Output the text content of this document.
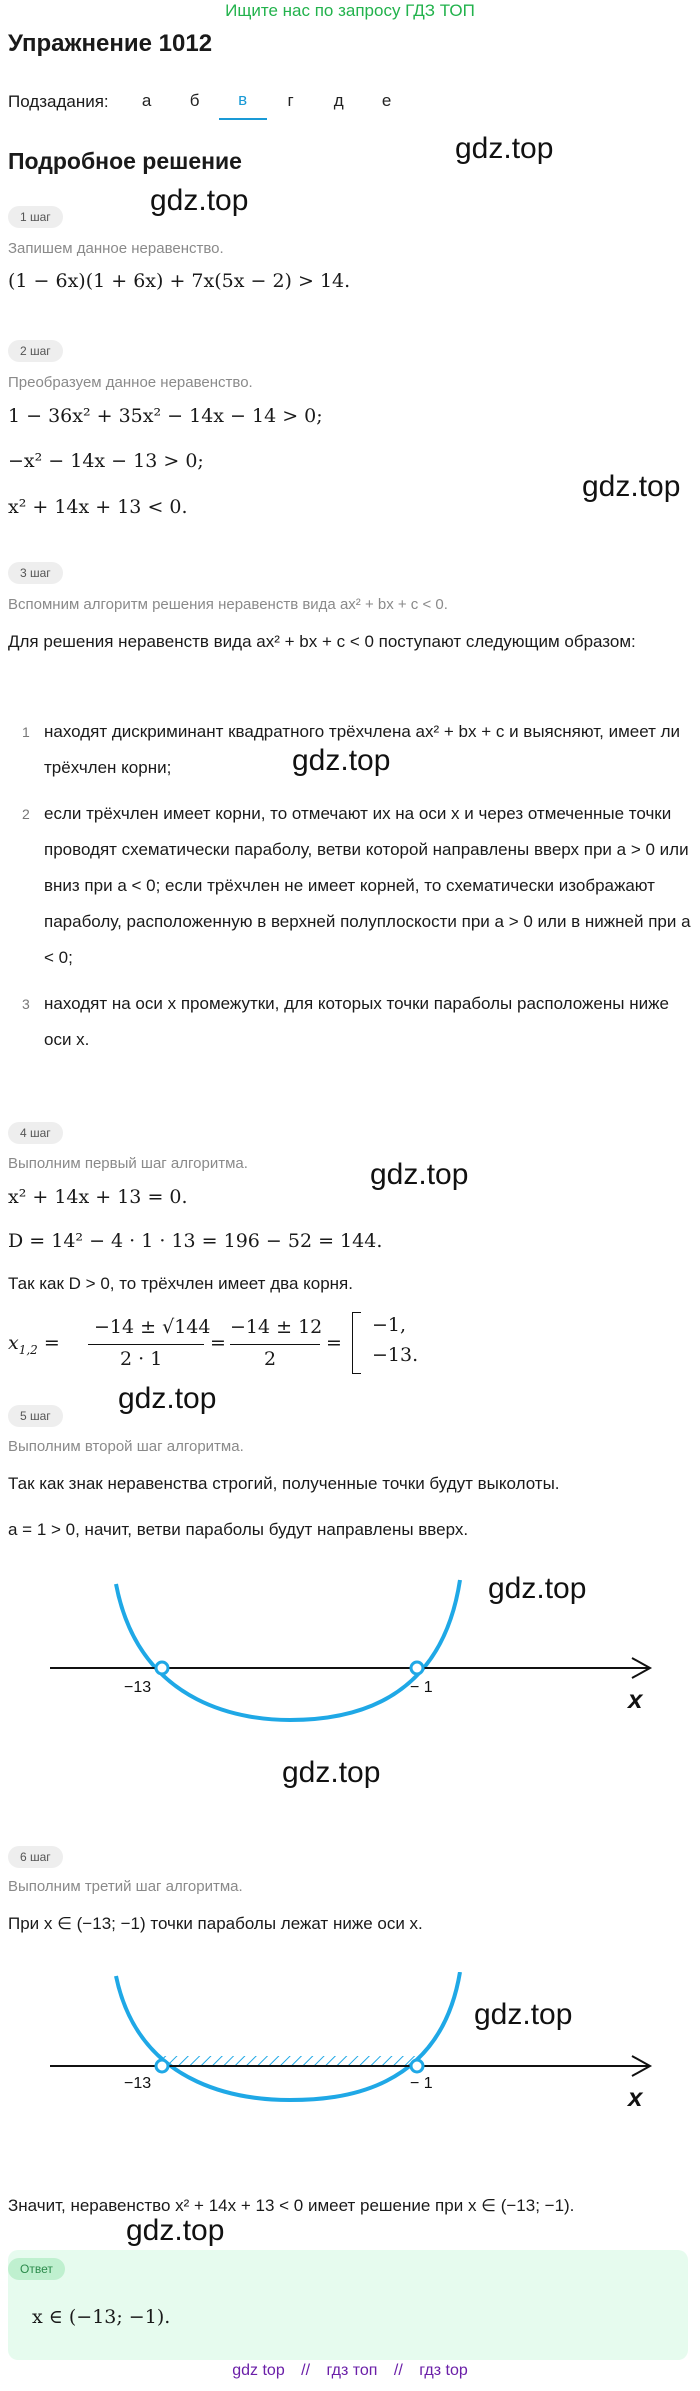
Ищите нас по запросу ГДЗ ТОП
Упражнение 1012
Подзадания:	а	б	в	г	д	е
Подробное решение	gdz.top
1 шаг	gdz.top
Запишем данное неравенство.
(1 − 6x)(1 + 6x) + 7x(5x − 2) > 14.
2 шаг
Преобразуем данное неравенство.
1 − 36x² + 35x² − 14x − 14 > 0;
−x² − 14x − 13 > 0;
x² + 14x + 13 < 0.
gdz.top
3 шаг
Вспомним алгоритм решения неравенств вида ax² + bx + c < 0.
Для решения неравенств вида ax² + bx + c < 0 поступают следующим образом:
1 находят дискриминант квадратного трёхчлена ax² + bx + c и выясняют, имеет ли трёхчлен корни;	gdz.top
2 если трёхчлен имеет корни, то отмечают их на оси x и через отмеченные точки проводят схематически параболу, ветви которой направлены вверх при a > 0 или вниз при a < 0; если трёхчлен не имеет корней, то схематически изображают параболу, расположенную в верхней полуплоскости при a > 0 или в нижней при a < 0;
3 находят на оси x промежутки, для которых точки параболы расположены ниже оси x.
4 шаг
Выполним первый шаг алгоритма.	gdz.top
x² + 14x + 13 = 0.
D = 14² − 4 · 1 · 13 = 196 − 52 = 144.
Так как D > 0, то трёхчлен имеет два корня.
$x_{1,2}$ =
−14 ± √144
2 · 1
=
−14 ± 12
2
=
−1,
−13.
5 шаг
gdz.top
Выполним второй шаг алгоритма.
Так как знак неравенства строгий, полученные точки будут выколоты.
a = 1 > 0, начит, ветви параболы будут направлены вверх.
−13	− 1	x
gdz.top
gdz.top
6 шаг
Выполним третий шаг алгоритма.
При x ∈ (−13; −1) точки параболы лежат ниже оси x.
−13	− 1	x
gdz.top
Значит, неравенство x² + 14x + 13 < 0 имеет решение при x ∈ (−13; −1).
gdz.top
Ответ
x ∈ (−13; −1).
gdz top // гдз топ // гдз top
